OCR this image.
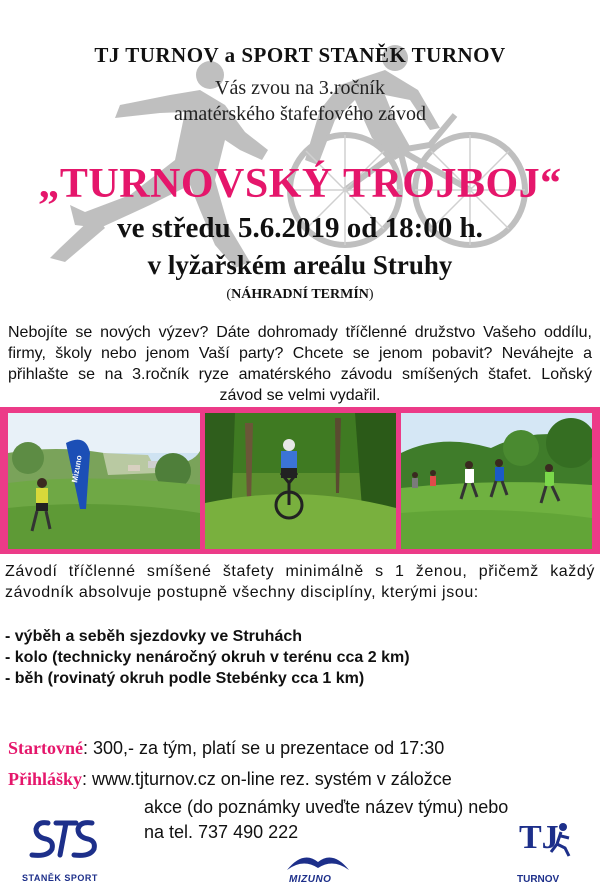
TJ TURNOV a SPORT STANĚK TURNOV
Vás zvou na 3.ročník
amatérského štafefového závod
„TURNOVSKÝ TROJBOJ“
ve středu 5.6.2019 od 18:00 h.
v lyžařském areálu Struhy
(NÁHRADNÍ TERMÍN)
Nebojíte se nových výzev? Dáte dohromady tříčlenné družstvo Vašeho oddílu, firmy, školy nebo jenom Vaší party? Chcete se jenom pobavit? Neváhejte a přihlašte se na 3.ročník ryze amatérského závodu smíšených štafet. Loňský závod se velmi vydařil.
Mizuno
Závodí tříčlenné smíšené štafety minimálně s 1 ženou, přičemž každý závodník absolvuje postupně všechny disciplíny, kterými jsou:
- výběh a seběh sjezdovky ve Struhách
- kolo (technicky nenáročný okruh v terénu cca 2 km)
- běh (rovinatý okruh podle Stebénky cca 1 km)
Startovné: 300,- za tým, platí se u prezentace od 17:30
Přihlášky: www.tjturnov.cz on-line rez. systém v záložce
akce (do poznámky uveďte název týmu) nebo
na tel. 737 490 222
STANĚK SPORT	MIZUNO
TJ
TURNOV
